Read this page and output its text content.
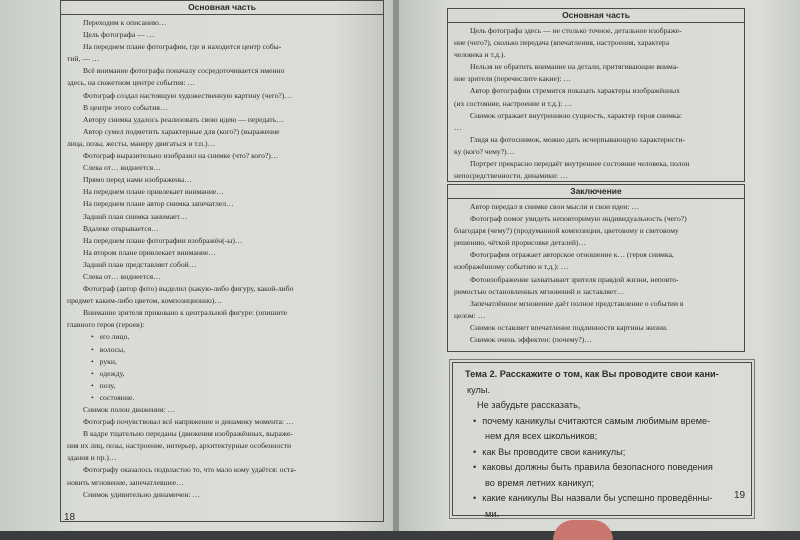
Основная часть
Переходим к описанию…
Цель фотографа — …
На переднем плане фотографии, где и находится центр собы-
тий, — …
Всё внимание фотографа поначалу сосредоточивается именно
здесь, на сюжетном центре события: …
Фотограф создал настоящую художественную картину (чего?)…
В центре этого события…
Автору снимка удалось реализовать свою идею — передать…
Автор сумел подметить характерные для (кого?) (выражение
лица, позы, жесты, манеру двигаться и т.п.)…
Фотограф выразительно изобразил на снимке (что? кого?)…
Слева от… виднеется…
Прямо перед нами изображены…
На переднем плане привлекает внимание…
На переднем плане автор снимка запечатлел…
Задний план снимка занимает…
Вдалеке открывается…
На переднем плане фотографии изображён(-ы)…
На втором плане привлекает внимание…
Задний план представляет собой…
Слева от… виднеется…
Фотограф (автор фото) выделил (какую-либо фигуру, какой-либо
предмет каким-либо цветом, композиционно)…
Внимание зрителя приковано к центральной фигуре: (опишите
главного героя (героев):
• его лицо,
• волосы,
• руки,
• одежду,
• позу,
• состояние.
Снимок полон движения: …
Фотограф почувствовал всё напряжение и динамику момента: …
В кадре тщательно переданы (движения изображённых, выраже-
ния их лиц, позы, настроение, интерьер, архитектурные особенности
здания и пр.)…
Фотографу оказалось подвластно то, что мало кому удаётся: оста-
новить мгновение, запечатлевшее…
Снимок удивительно динамичен: …
18
Основная часть
Цель фотографа здесь — не столько точное, детальное изображе-
ние (чего?), сколько передача (впечатления, настроения, характера
человека и т.д.).
Нельзя не обратить внимание на детали, притягивающие внима-
ние зрителя (перечислите какие): …
Автор фотографии стремится показать характеры изображённых
(их состояние, настроение и т.д.): …
Снимок отражает внутреннюю сущность, характер героя снимка:
…
Глядя на фотоснимок, можно дать исчерпывающую характеристи-
ку (кого? чему?)…
Портрет прекрасно передаёт внутреннее состояние человека, полон
непосредственности, динамики: …
Заключение
Автор передал в снимке свои мысли и свои идеи: …
Фотограф помог увидеть неповторимую индивидуальность (чего?)
благодаря (чему?) (продуманной композиции, цветовому и световому
решению, чёткой прорисовке деталей)…
Фотография отражает авторское отношение к… (героя снимка,
изображённому событию и т.д.): …
Фотоизображение захватывает зрителя правдой жизни, неповто-
римостью остановленных мгновений и заставляет…
Запечатлённое мгновение даёт полное представление о событии в
целом: …
Снимок оставляет впечатление подлинности картины жизни.
Снимок очень эффектен: (почему?)…
Тема 2. Расскажите о том, как Вы проводите свои кани-
кулы.
Не забудьте рассказать,
• почему каникулы считаются самым любимым време-
нем для всех школьников;
• как Вы проводите свои каникулы;
• каковы должны быть правила безопасного поведения
во время летних каникул;
• какие каникулы Вы назвали бы успешно проведённы-
ми.
19
